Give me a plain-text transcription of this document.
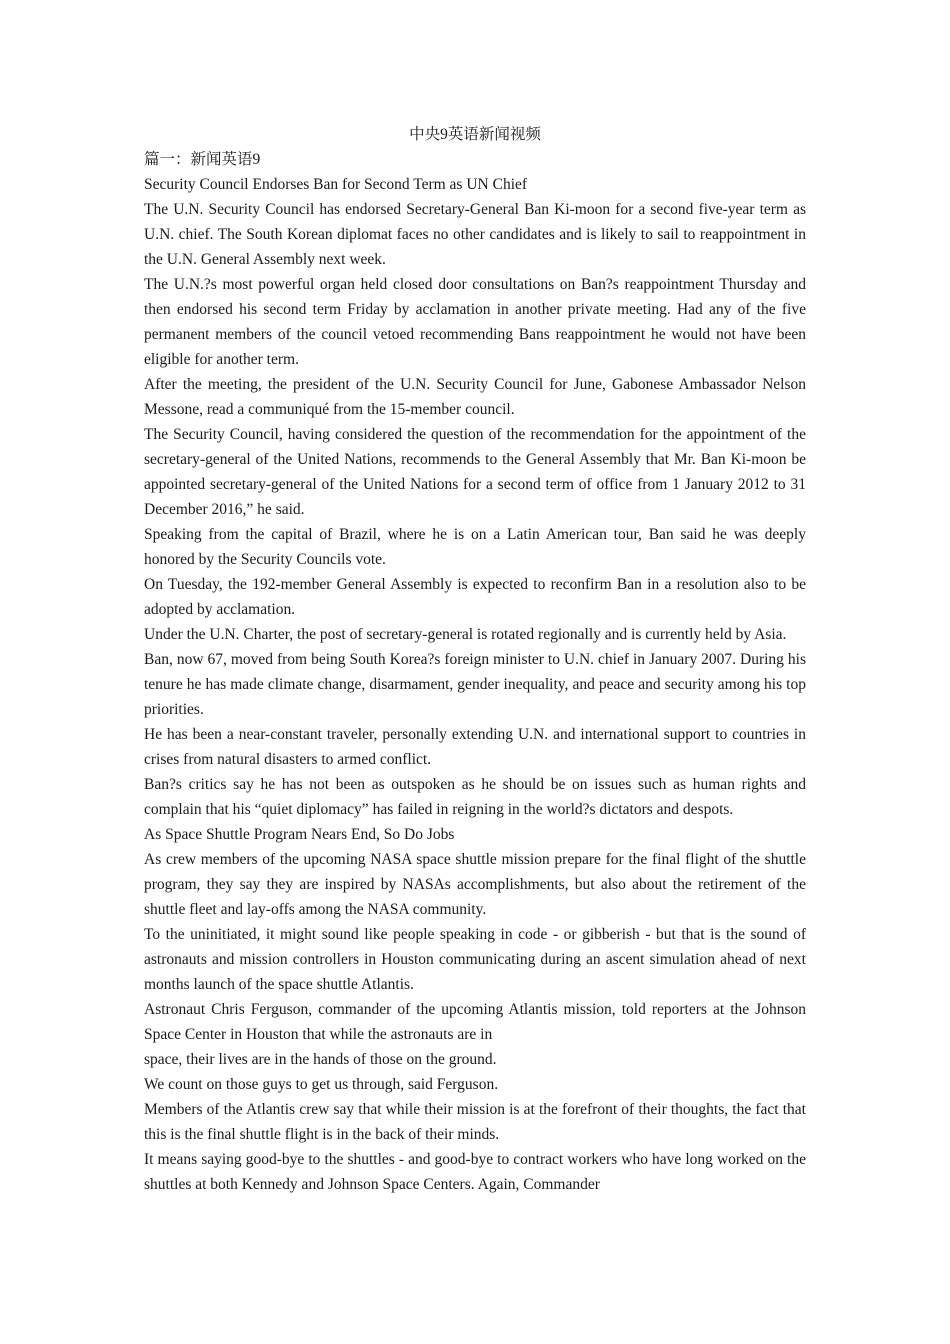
中央9英语新闻视频

篇一：新闻英语9

Security Council Endorses Ban for Second Term as UN Chief

The U.N. Security Council has endorsed Secretary-General Ban Ki-moon for a second five-year term as U.N. chief. The South Korean diplomat faces no other candidates and is likely to sail to reappointment in the U.N. General Assembly next week.

The U.N.?s most powerful organ held closed door consultations on Ban?s reappointment Thursday and then endorsed his second term Friday by acclamation in another private meeting. Had any of the five permanent members of the council vetoed recommending Bans reappointment he would not have been eligible for another term.

After the meeting, the president of the U.N. Security Council for June, Gabonese Ambassador Nelson Messone, read a communiqué from the 15-member council.

The Security Council, having considered the question of the recommendation for the appointment of the secretary-general of the United Nations, recommends to the General Assembly that Mr. Ban Ki-moon be appointed secretary-general of the United Nations for a second term of office from 1 January 2012 to 31 December 2016,” he said.

Speaking from the capital of Brazil, where he is on a Latin American tour, Ban said he was deeply honored by the Security Councils vote.

On Tuesday, the 192-member General Assembly is expected to reconfirm Ban in a resolution also to be adopted by acclamation.

Under the U.N. Charter, the post of secretary-general is rotated regionally and is currently held by Asia.

Ban, now 67, moved from being South Korea?s foreign minister to U.N. chief in January 2007. During his tenure he has made climate change, disarmament, gender inequality, and peace and security among his top priorities.

He has been a near-constant traveler, personally extending U.N. and international support to countries in crises from natural disasters to armed conflict.

Ban?s critics say he has not been as outspoken as he should be on issues such as human rights and complain that his “quiet diplomacy” has failed in reigning in the world?s dictators and despots.

As Space Shuttle Program Nears End, So Do Jobs

As crew members of the upcoming NASA space shuttle mission prepare for the final flight of the shuttle program, they say they are inspired by NASAs accomplishments, but also about the retirement of the shuttle fleet and lay-offs among the NASA community.

To the uninitiated, it might sound like people speaking in code - or gibberish - but that is the sound of astronauts and mission controllers in Houston communicating during an ascent simulation ahead of next months launch of the space shuttle Atlantis.

Astronaut Chris Ferguson, commander of the upcoming Atlantis mission, told reporters at the Johnson Space Center in Houston that while the astronauts are in

space, their lives are in the hands of those on the ground.

We count on those guys to get us through, said Ferguson.

Members of the Atlantis crew say that while their mission is at the forefront of their thoughts, the fact that this is the final shuttle flight is in the back of their minds.

It means saying good-bye to the shuttles - and good-bye to contract workers who have long worked on the shuttles at both Kennedy and Johnson Space Centers. Again, Commander
